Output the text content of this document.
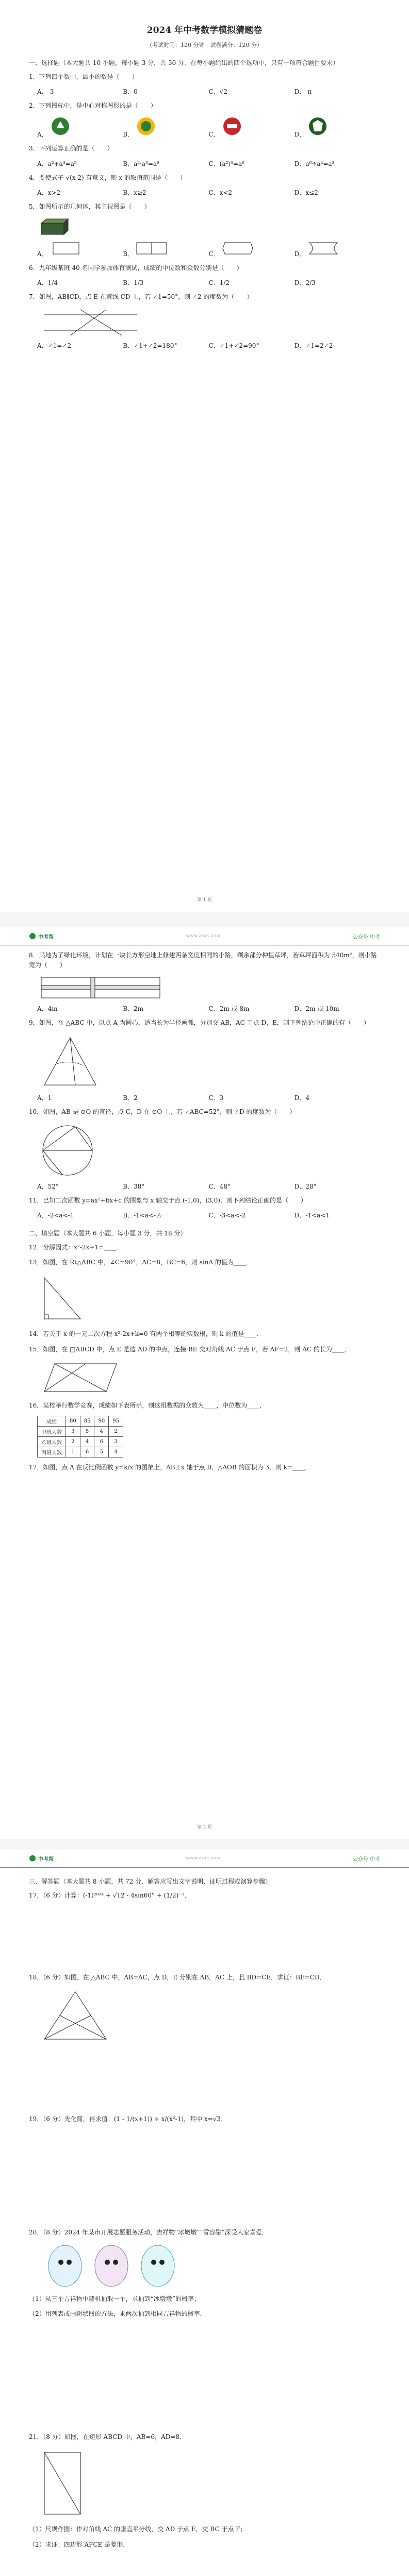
2024 年中考数学模拟猜题卷
（考试时间：120 分钟　试卷满分：120 分）
一、选择题（本大题共 10 小题，每小题 3 分，共 30 分．在每小题给出的四个选项中，只有一项符合题目要求）
1．下列四个数中，最小的数是（　　）
A．-3	B．0	C．√2	D．-π
2．下列图标中，是中心对称图形的是（　　）
A．	B．	C．	D．
3．下列运算正确的是（　　）
A．a²+a³=a⁵	B．a²·a³=a⁶	C．(a²)³=a⁶	D．a⁶÷a²=a³
4．要使式子 √(x-2) 有意义，则 x 的取值范围是（　　）
A．x>2	B．x≥2	C．x<2	D．x≤2
5．如图所示的几何体，其主视图是（　　）
A．	B．	C．	D．
6．九年级某班 40 名同学参加体育测试，成绩的中位数和众数分别是（　　）
A．1/4	B．1/3	C．1/2	D．2/3
7．如图，AB∥CD，点 E 在直线 CD 上，若 ∠1=50°，则 ∠2 的度数为（　　）
A．∠1=∠2	B．∠1+∠2=180°	C．∠1+∠2=90°	D．∠1=2∠2
第 1 页
中考帮	www.zxxk.com	公众号·中考
8．某地为了绿化环境，计划在一块长方形空地上修建两条宽度相同的小路，剩余部分种植草坪，若草坪面积为 540m²，则小路宽为（　　）
A．4m	B．2m	C．2m 或 8m	D．2m 或 10m
9．如图，在 △ABC 中，以点 A 为圆心，适当长为半径画弧，分别交 AB，AC 于点 D，E，则下列结论中正确的有（　　）
A．1	B．2	C．3	D．4
10．如图，AB 是 ⊙O 的直径，点 C，D 在 ⊙O 上，若 ∠ABC=52°，则 ∠D 的度数为（　　）
A．52°	B．38°	C．48°	D．28°
11．已知二次函数 y=ax²+bx+c 的图象与 x 轴交于点 (-1,0)，(3,0)，则下列结论正确的是（　　）
A．-2<a<-1	B．-1<a<-½	C．-3<a<-2	D．-1<a<1
二、填空题（本大题共 6 小题，每小题 3 分，共 18 分）
12．分解因式：x²-2x+1=____．
13．如图，在 Rt△ABC 中，∠C=90°，AC=8，BC=6，则 sinA 的值为____．
14．若关于 x 的一元二次方程 x²-2x+k=0 有两个相等的实数根，则 k 的值是____．
15．如图，在 □ABCD 中，点 E 是边 AD 的中点，连接 BE 交对角线 AC 于点 F，若 AF=2，则 AC 的长为____．
16．某校举行数学竞赛，成绩如下表所示，则这组数据的众数为____，中位数为____．
成绩	80	85	90	95
甲班人数	3	5	4	2
乙班人数	2	4	6	3
丙班人数	1	6	5	4
17．如图，点 A 在反比例函数 y=k/x 的图象上，AB⊥x 轴于点 B，△AOB 的面积为 3，则 k=____．
第 2 页
中考帮	www.zxxk.com	公众号·中考
三、解答题（本大题共 8 小题，共 72 分．解答应写出文字说明、证明过程或演算步骤）
17．（6 分）计算：(-1)²⁰²⁴ + √12 - 4sin60° + (1/2)⁻¹．
18．（6 分）如图，在 △ABC 中，AB=AC，点 D，E 分别在 AB，AC 上，且 BD=CE．求证：BE=CD．
19．（6 分）先化简，再求值：(1 - 1/(x+1)) ÷ x/(x²-1)，其中 x=√3．
20．（8 分）2024 年某市开展志愿服务活动，吉祥物“冰墩墩”“雪容融”深受大家喜爱．
（1）从三个吉祥物中随机抽取一个，求抽到“冰墩墩”的概率；
（2）用列表或画树状图的方法，求两次抽到相同吉祥物的概率．
21．（8 分）如图，在矩形 ABCD 中，AB=6，AD=8．
（1）尺规作图：作对角线 AC 的垂直平分线，交 AD 于点 E，交 BC 于点 F；
（2）求证：四边形 AFCE 是菱形．
